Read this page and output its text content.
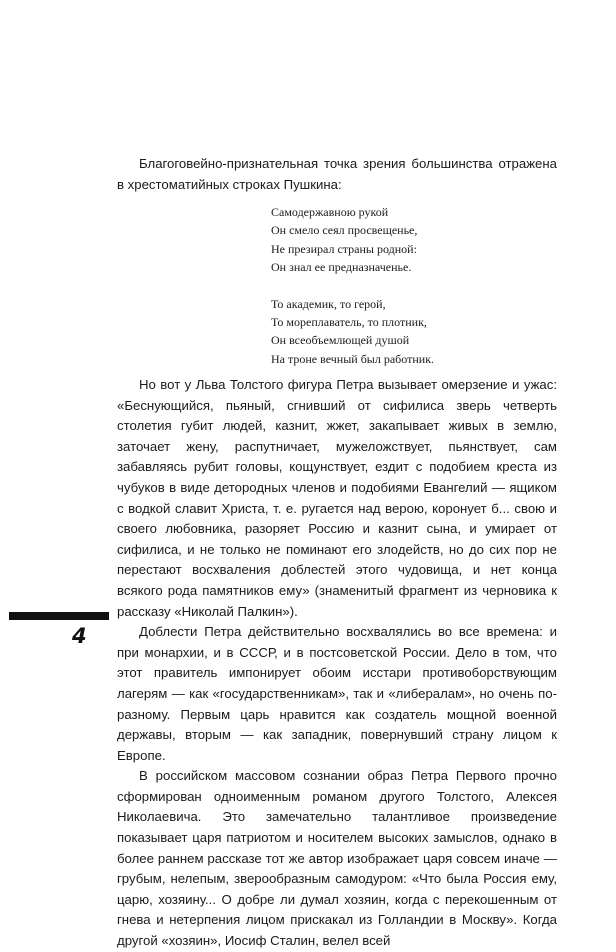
Благоговейно-признательная точка зрения большинства отражена в хрестоматийных строках Пушкина:

Самодержавною рукой
Он смело сеял просвещенье,
Не презирал страны родной:
Он знал ее предназначенье.
То академик, то герой,
То мореплаватель, то плотник,
Он всеобъемлющей душой
На троне вечный был работник.

Но вот у Льва Толстого фигура Петра вызывает омерзение и ужас: «Беснующийся, пьяный, сгнивший от сифилиса зверь четверть столетия губит людей, казнит, жжет, закапывает живых в землю, заточает жену, распутничает, мужеложствует, пьянствует, сам забавляясь рубит головы, кощунствует, ездит с подобием креста из чубуков в виде детородных членов и подобиями Евангелий — ящиком с водкой славит Христа, т. е. ругается над верою, коронует б... свою и своего любовника, разоряет Россию и казнит сына, и умирает от сифилиса, и не только не поминают его злодейств, но до сих пор не перестают восхваления доблестей этого чудовища, и нет конца всякого рода памятников ему» (знаменитый фрагмент из черновика к рассказу «Николай Палкин»).

Доблести Петра действительно восхвалялись во все времена: и при монархии, и в СССР, и в постсоветской России. Дело в том, что этот правитель импонирует обоим исстари противоборствующим лагерям — как «государственникам», так и «либералам», но очень по-разному. Первым царь нравится как создатель мощной военной державы, вторым — как западник, повернувший страну лицом к Европе.

В российском массовом сознании образ Петра Первого прочно сформирован одноименным романом другого Толстого, Алексея Николаевича. Это замечательно талантливое произведение показывает царя патриотом и носителем высоких замыслов, однако в более раннем рассказе тот же автор изображает царя совсем иначе — грубым, нелепым, зверообразным самодуром: «Что была Россия ему, царю, хозяину... О добре ли думал хозяин, когда с перекошенным от гнева и нетерпения лицом прискакал из Голландии в Москву». Когда другой «хозяин», Иосиф Сталин, велел всей

4
